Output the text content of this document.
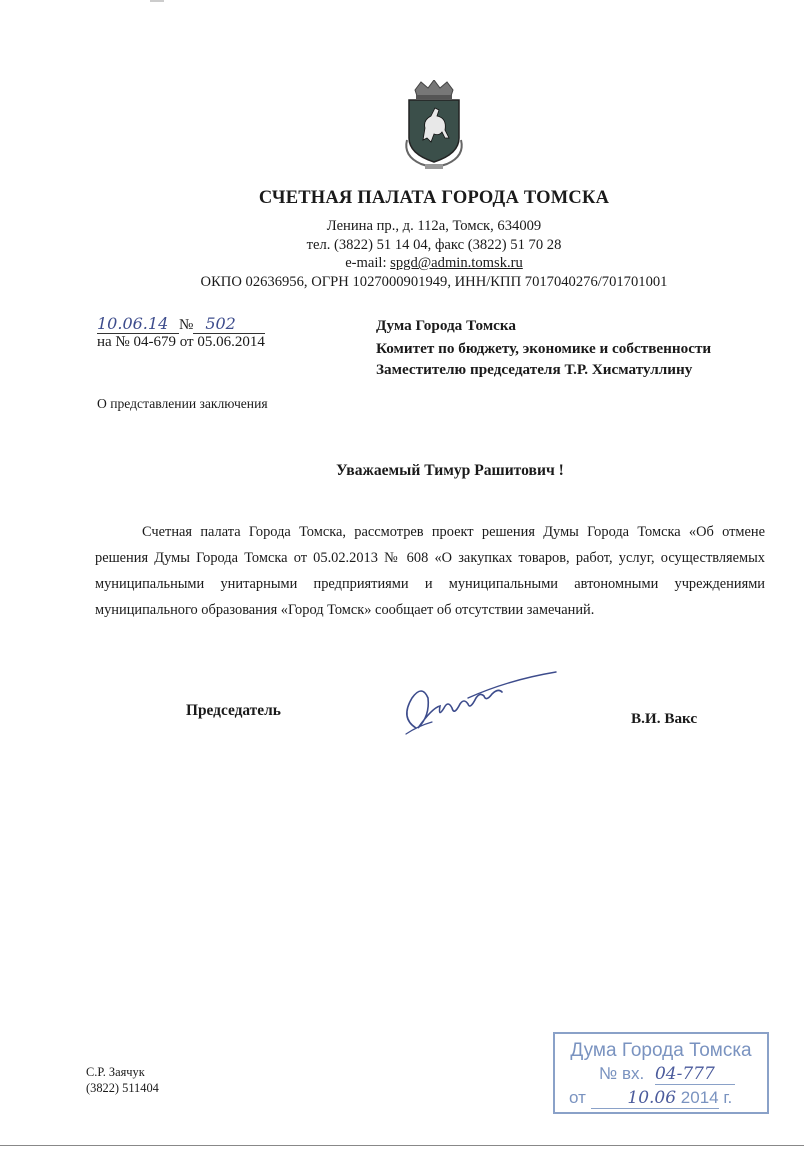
СЧЕТНАЯ ПАЛАТА ГОРОДА ТОМСКА
Ленина пр., д. 112а, Томск, 634009
тел. (3822) 51 14 04, факс (3822) 51 70 28
e-mail: spgd@admin.tomsk.ru
ОКПО 02636956, ОГРН 1027000901949, ИНН/КПП 7017040276/701701001
10.06.14 № 502
на № 04-679 от 05.06.2014
Дума Города Томска
Комитет по бюджету, экономике и собственности
Заместителю председателя Т.Р. Хисматуллину
О представлении заключения
Уважаемый Тимур Рашитович !
Счетная палата Города Томска, рассмотрев проект решения Думы Города Томска «Об отмене решения Думы Города Томска от 05.02.2013 № 608 «О закупках товаров, работ, услуг, осуществляемых муниципальными унитарными предприятиями и муниципальными автономными учреждениями муниципального образования «Город Томск» сообщает об отсутствии замечаний.
Председатель	В.И. Вакс
С.Р. Заячук
(3822) 511404
Дума Города Томска
№ вх. 04-777
от 10.06 2014 г.
